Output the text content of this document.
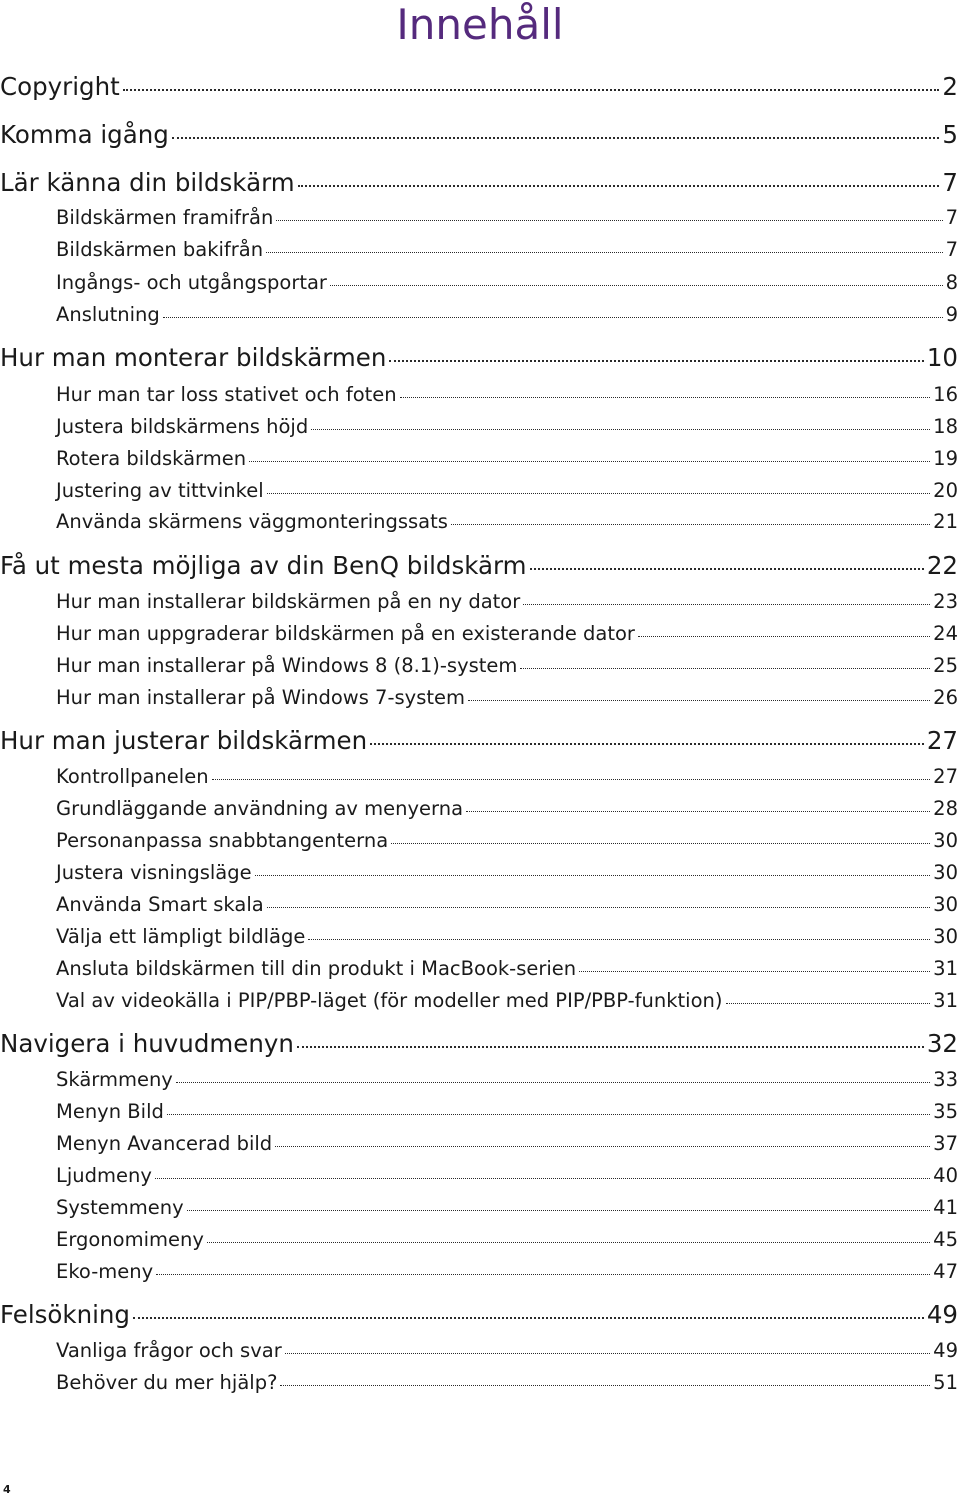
Innehåll
Copyright	2
Komma igång	5
Lär känna din bildskärm	7
Bildskärmen framifrån	7
Bildskärmen bakifrån	7
Ingångs- och utgångsportar	8
Anslutning	9
Hur man monterar bildskärmen	10
Hur man tar loss stativet och foten	16
Justera bildskärmens höjd	18
Rotera bildskärmen	19
Justering av tittvinkel	20
Använda skärmens väggmonteringssats	21
Få ut mesta möjliga av din BenQ bildskärm	22
Hur man installerar bildskärmen på en ny dator	23
Hur man uppgraderar bildskärmen på en existerande dator	24
Hur man installerar på Windows 8 (8.1)-system	25
Hur man installerar på Windows 7-system	26
Hur man justerar bildskärmen	27
Kontrollpanelen	27
Grundläggande användning av menyerna	28
Personanpassa snabbtangenterna	30
Justera visningsläge	30
Använda Smart skala	30
Välja ett lämpligt bildläge	30
Ansluta bildskärmen till din produkt i MacBook-serien	31
Val av videokälla i PIP/PBP-läget (för modeller med PIP/PBP-funktion)	31
Navigera i huvudmenyn	32
Skärmmeny	33
Menyn Bild	35
Menyn Avancerad bild	37
Ljudmeny	40
Systemmeny	41
Ergonomimeny	45
Eko-meny	47
Felsökning	49
Vanliga frågor och svar	49
Behöver du mer hjälp?	51
4
